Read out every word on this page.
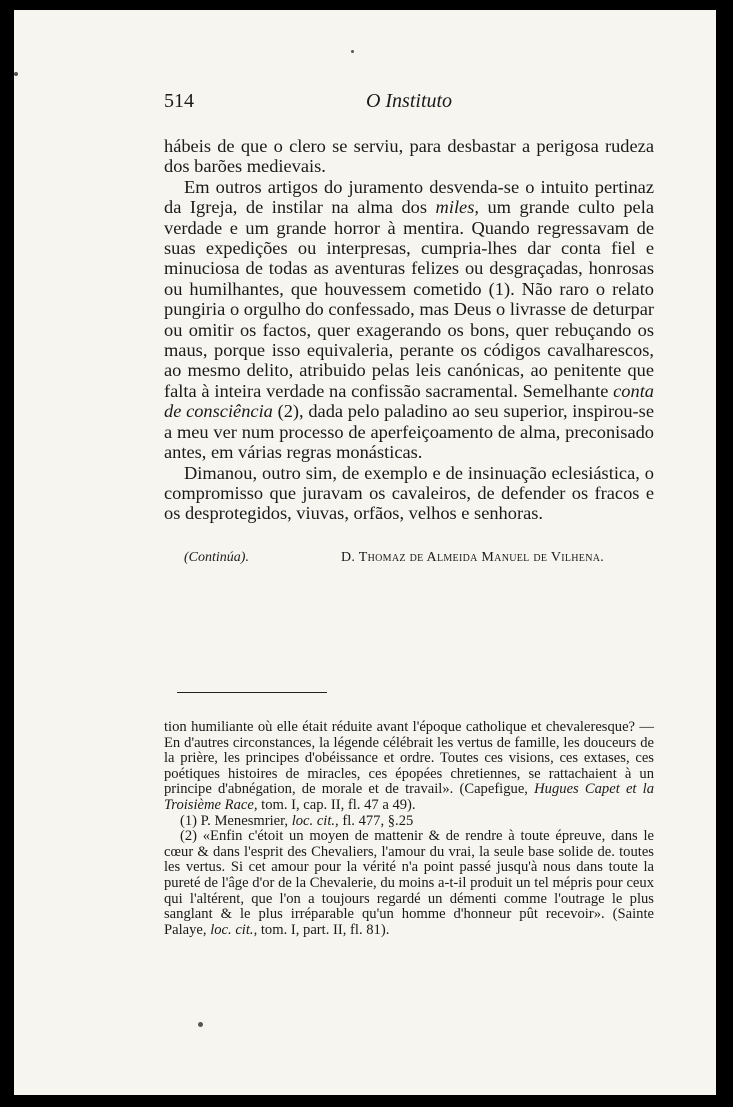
514	O Instituto

hábeis de que o clero se serviu, para desbastar a perigosa rudeza dos barões medievais.

Em outros artigos do juramento desvenda-se o intuito pertinaz da Igreja, de instilar na alma dos miles, um grande culto pela verdade e um grande horror à mentira. Quando regressavam de suas expedições ou interpresas, cumpria-lhes dar conta fiel e minuciosa de todas as aventuras felizes ou desgraçadas, honrosas ou humilhantes, que houvessem cometido (1). Não raro o relato pungiria o orgulho do confessado, mas Deus o livrasse de deturpar ou omitir os factos, quer exagerando os bons, quer rebuçando os maus, porque isso equivaleria, perante os códigos cavalharescos, ao mesmo delito, atribuido pelas leis canónicas, ao penitente que falta à inteira verdade na confissão sacramental. Semelhante conta de consciência (2), dada pelo paladino ao seu superior, inspirou-se a meu ver num processo de aperfeiçoamento de alma, preconisado antes, em várias regras monásticas.

Dimanou, outro sim, de exemplo e de insinuação eclesiástica, o compromisso que juravam os cavaleiros, de defender os fracos e os desprotegidos, viuvas, orfãos, velhos e senhoras.

(Continúa).	D. Thomaz de Almeida Manuel de Vilhena.

tion humiliante où elle était réduite avant l'époque catholique et chevaleresque? — En d'autres circonstances, la légende célébrait les vertus de famille, les douceurs de la prière, les principes d'obéissance et ordre. Toutes ces visions, ces extases, ces poétiques histoires de miracles, ces épopées chretiennes, se rattachaient à un principe d'abnégation, de morale et de travail». (Capefigue, Hugues Capet et la Troisième Race, tom. I, cap. II, fl. 47 a 49).

(1) P. Menesmrier, loc. cit., fl. 477, §.25

(2) «Enfin c'étoit un moyen de mattenir & de rendre à toute épreuve, dans le cœur & dans l'esprit des Chevaliers, l'amour du vrai, la seule base solide de. toutes les vertus. Si cet amour pour la vérité n'a point passé jusqu'à nous dans toute la pureté de l'âge d'or de la Chevalerie, du moins a-t-il produit un tel mépris pour ceux qui l'altérent, que l'on a toujours regardé un démenti comme l'outrage le plus sanglant & le plus irréparable qu'un homme d'honneur pût recevoir». (Sainte Palaye, loc. cit., tom. I, part. II, fl. 81).
